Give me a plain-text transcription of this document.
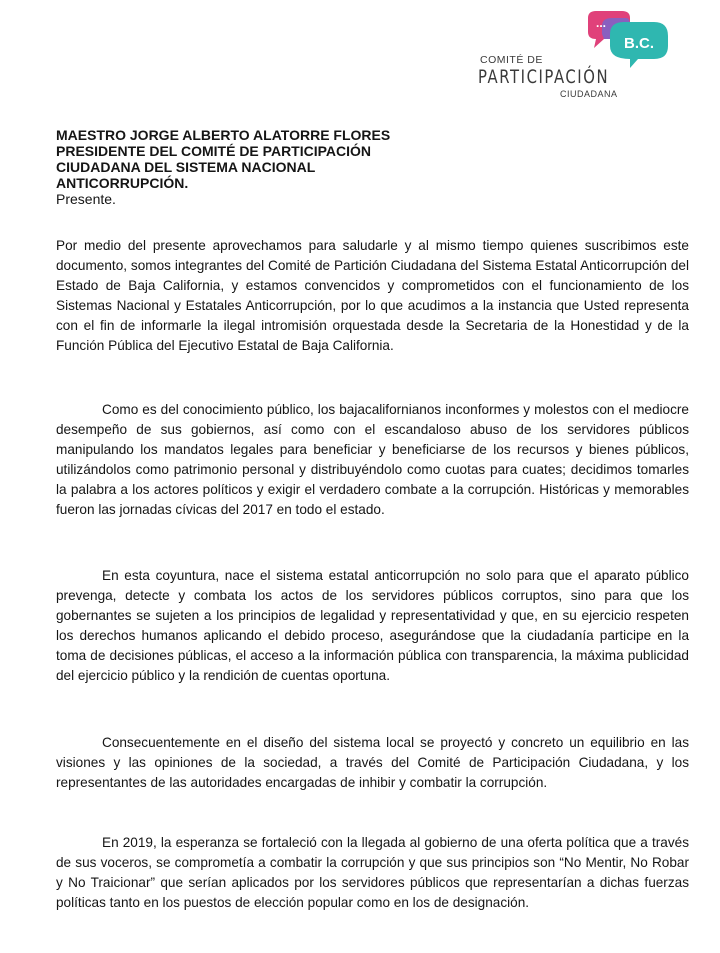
...
B.C.
COMITÉ DE
PARTICIPACIÓN
CIUDADANA
MAESTRO JORGE ALBERTO ALATORRE FLORES
PRESIDENTE DEL COMITÉ DE PARTICIPACIÓN
CIUDADANA DEL SISTEMA NACIONAL
ANTICORRUPCIÓN.
Presente.

Por medio del presente aprovechamos para saludarle y al mismo tiempo quienes suscribimos este documento, somos integrantes del Comité de Partición Ciudadana del Sistema Estatal Anticorrupción del Estado de Baja California, y estamos convencidos y comprometidos con el funcionamiento de los Sistemas Nacional y Estatales Anticorrupción, por lo que acudimos a la instancia que Usted representa con el fin de informarle la ilegal intromisión orquestada desde la Secretaria de la Honestidad y de la Función Pública del Ejecutivo Estatal de Baja California.

Como es del conocimiento público, los bajacalifornianos inconformes y molestos con el mediocre desempeño de sus gobiernos, así como con el escandaloso abuso de los servidores públicos manipulando los mandatos legales para beneficiar y beneficiarse de los recursos y bienes públicos, utilizándolos como patrimonio personal y distribuyéndolo como cuotas para cuates; decidimos tomarles la palabra a los actores políticos y exigir el verdadero combate a la corrupción. Históricas y memorables fueron las jornadas cívicas del 2017 en todo el estado.

En esta coyuntura, nace el sistema estatal anticorrupción no solo para que el aparato público prevenga, detecte y combata los actos de los servidores públicos corruptos, sino para que los gobernantes se sujeten a los principios de legalidad y representatividad y que, en su ejercicio respeten los derechos humanos aplicando el debido proceso, asegurándose que la ciudadanía participe en la toma de decisiones públicas, el acceso a la información pública con transparencia, la máxima publicidad del ejercicio público y la rendición de cuentas oportuna.

Consecuentemente en el diseño del sistema local se proyectó y concreto un equilibrio en las visiones y las opiniones de la sociedad, a través del Comité de Participación Ciudadana, y los representantes de las autoridades encargadas de inhibir y combatir la corrupción.

En 2019, la esperanza se fortaleció con la llegada al gobierno de una oferta política que a través de sus voceros, se comprometía a combatir la corrupción y que sus principios son “No Mentir, No Robar y No Traicionar” que serían aplicados por los servidores públicos que representarían a dichas fuerzas políticas tanto en los puestos de elección popular como en los de designación.
